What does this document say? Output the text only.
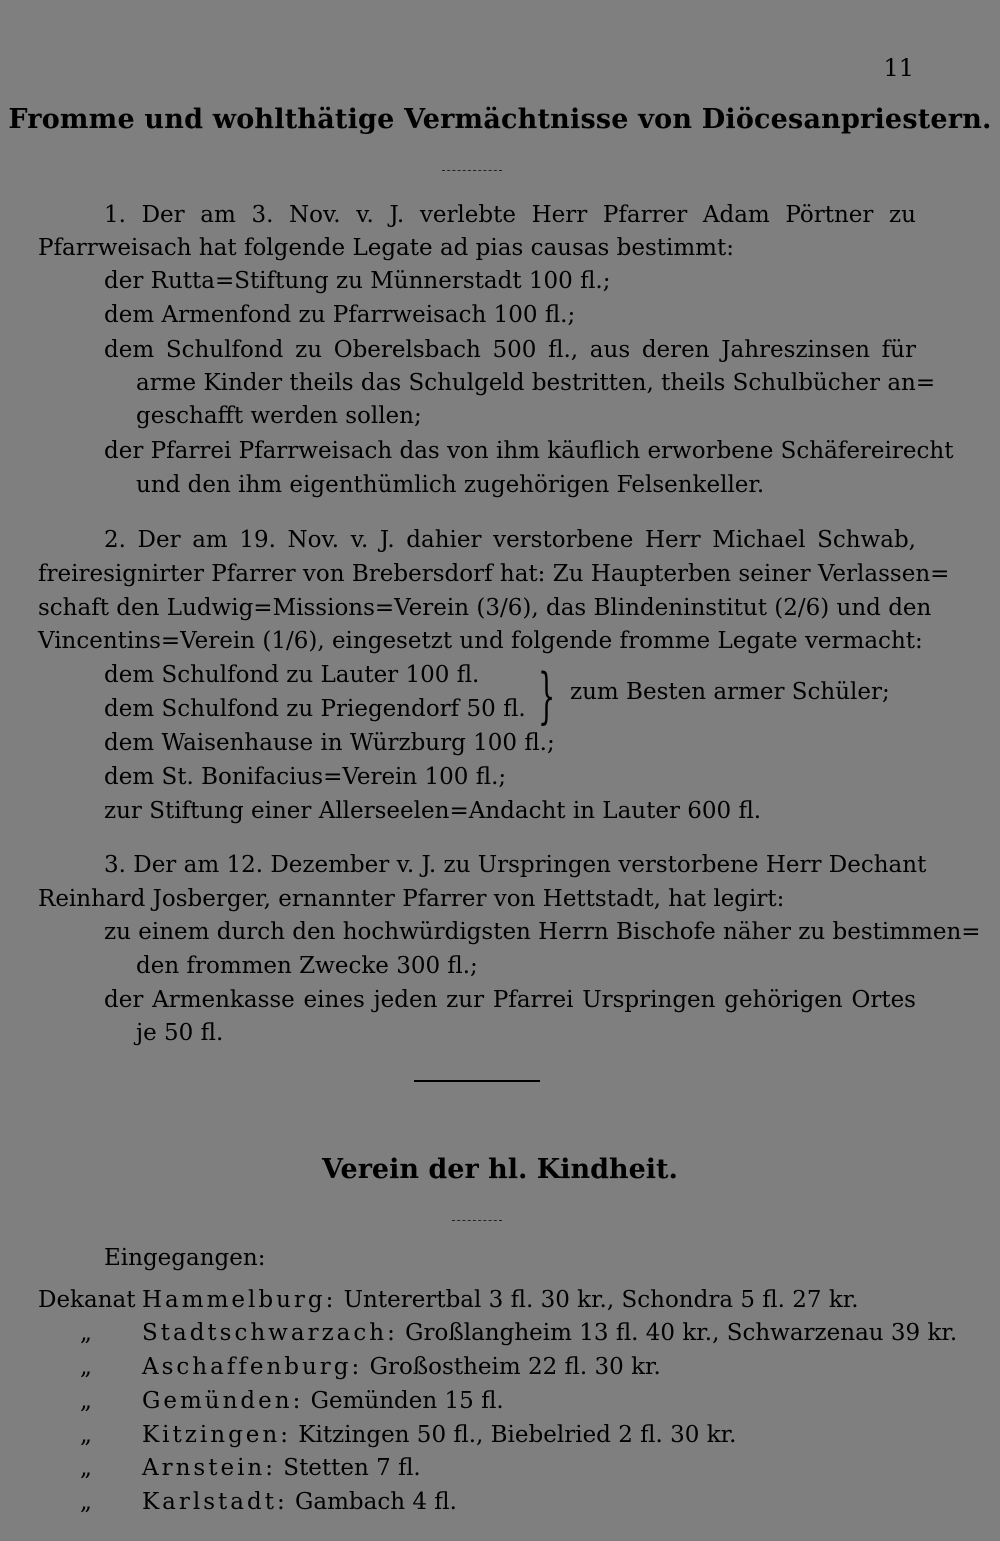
11
Fromme und wohlthätige Vermächtnisse von Diöcesanpriestern.
1. Der am 3. Nov. v. J. verlebte Herr Pfarrer Adam Pörtner zu
Pfarrweisach hat folgende Legate ad pias causas bestimmt:
der Rutta=Stiftung zu Münnerstadt 100 fl.;
dem Armenfond zu Pfarrweisach 100 fl.;
dem Schulfond zu Oberelsbach 500 fl., aus deren Jahreszinsen für
arme Kinder theils das Schulgeld bestritten, theils Schulbücher an=
geschafft werden sollen;
der Pfarrei Pfarrweisach das von ihm käuflich erworbene Schäfereirecht
und den ihm eigenthümlich zugehörigen Felsenkeller.
2. Der am 19. Nov. v. J. dahier verstorbene Herr Michael Schwab,
freiresignirter Pfarrer von Brebersdorf hat: Zu Haupterben seiner Verlassen=
schaft den Ludwig=Missions=Verein (3/6), das Blindeninstitut (2/6) und den
Vincentins=Verein (1/6), eingesetzt und folgende fromme Legate vermacht:
dem Schulfond zu Lauter 100 fl.
dem Schulfond zu Priegendorf 50 fl. } zum Besten armer Schüler;
dem Waisenhause in Würzburg 100 fl.;
dem St. Bonifacius=Verein 100 fl.;
zur Stiftung einer Allerseelen=Andacht in Lauter 600 fl.
3. Der am 12. Dezember v. J. zu Urspringen verstorbene Herr Dechant
Reinhard Josberger, ernannter Pfarrer von Hettstadt, hat legirt:
zu einem durch den hochwürdigsten Herrn Bischofe näher zu bestimmen=
den frommen Zwecke 300 fl.;
der Armenkasse eines jeden zur Pfarrei Urspringen gehörigen Ortes
je 50 fl.
Verein der hl. Kindheit.
Eingegangen:
Dekanat Hammelburg: Unterertbal 3 fl. 30 kr., Schondra 5 fl. 27 kr.
„ Stadtschwarzach: Großlangheim 13 fl. 40 kr., Schwarzenau 39 kr.
„ Aschaffenburg: Großostheim 22 fl. 30 kr.
„ Gemünden: Gemünden 15 fl.
„ Kitzingen: Kitzingen 50 fl., Biebelried 2 fl. 30 kr.
„ Arnstein: Stetten 7 fl.
„ Karlstadt: Gambach 4 fl.
